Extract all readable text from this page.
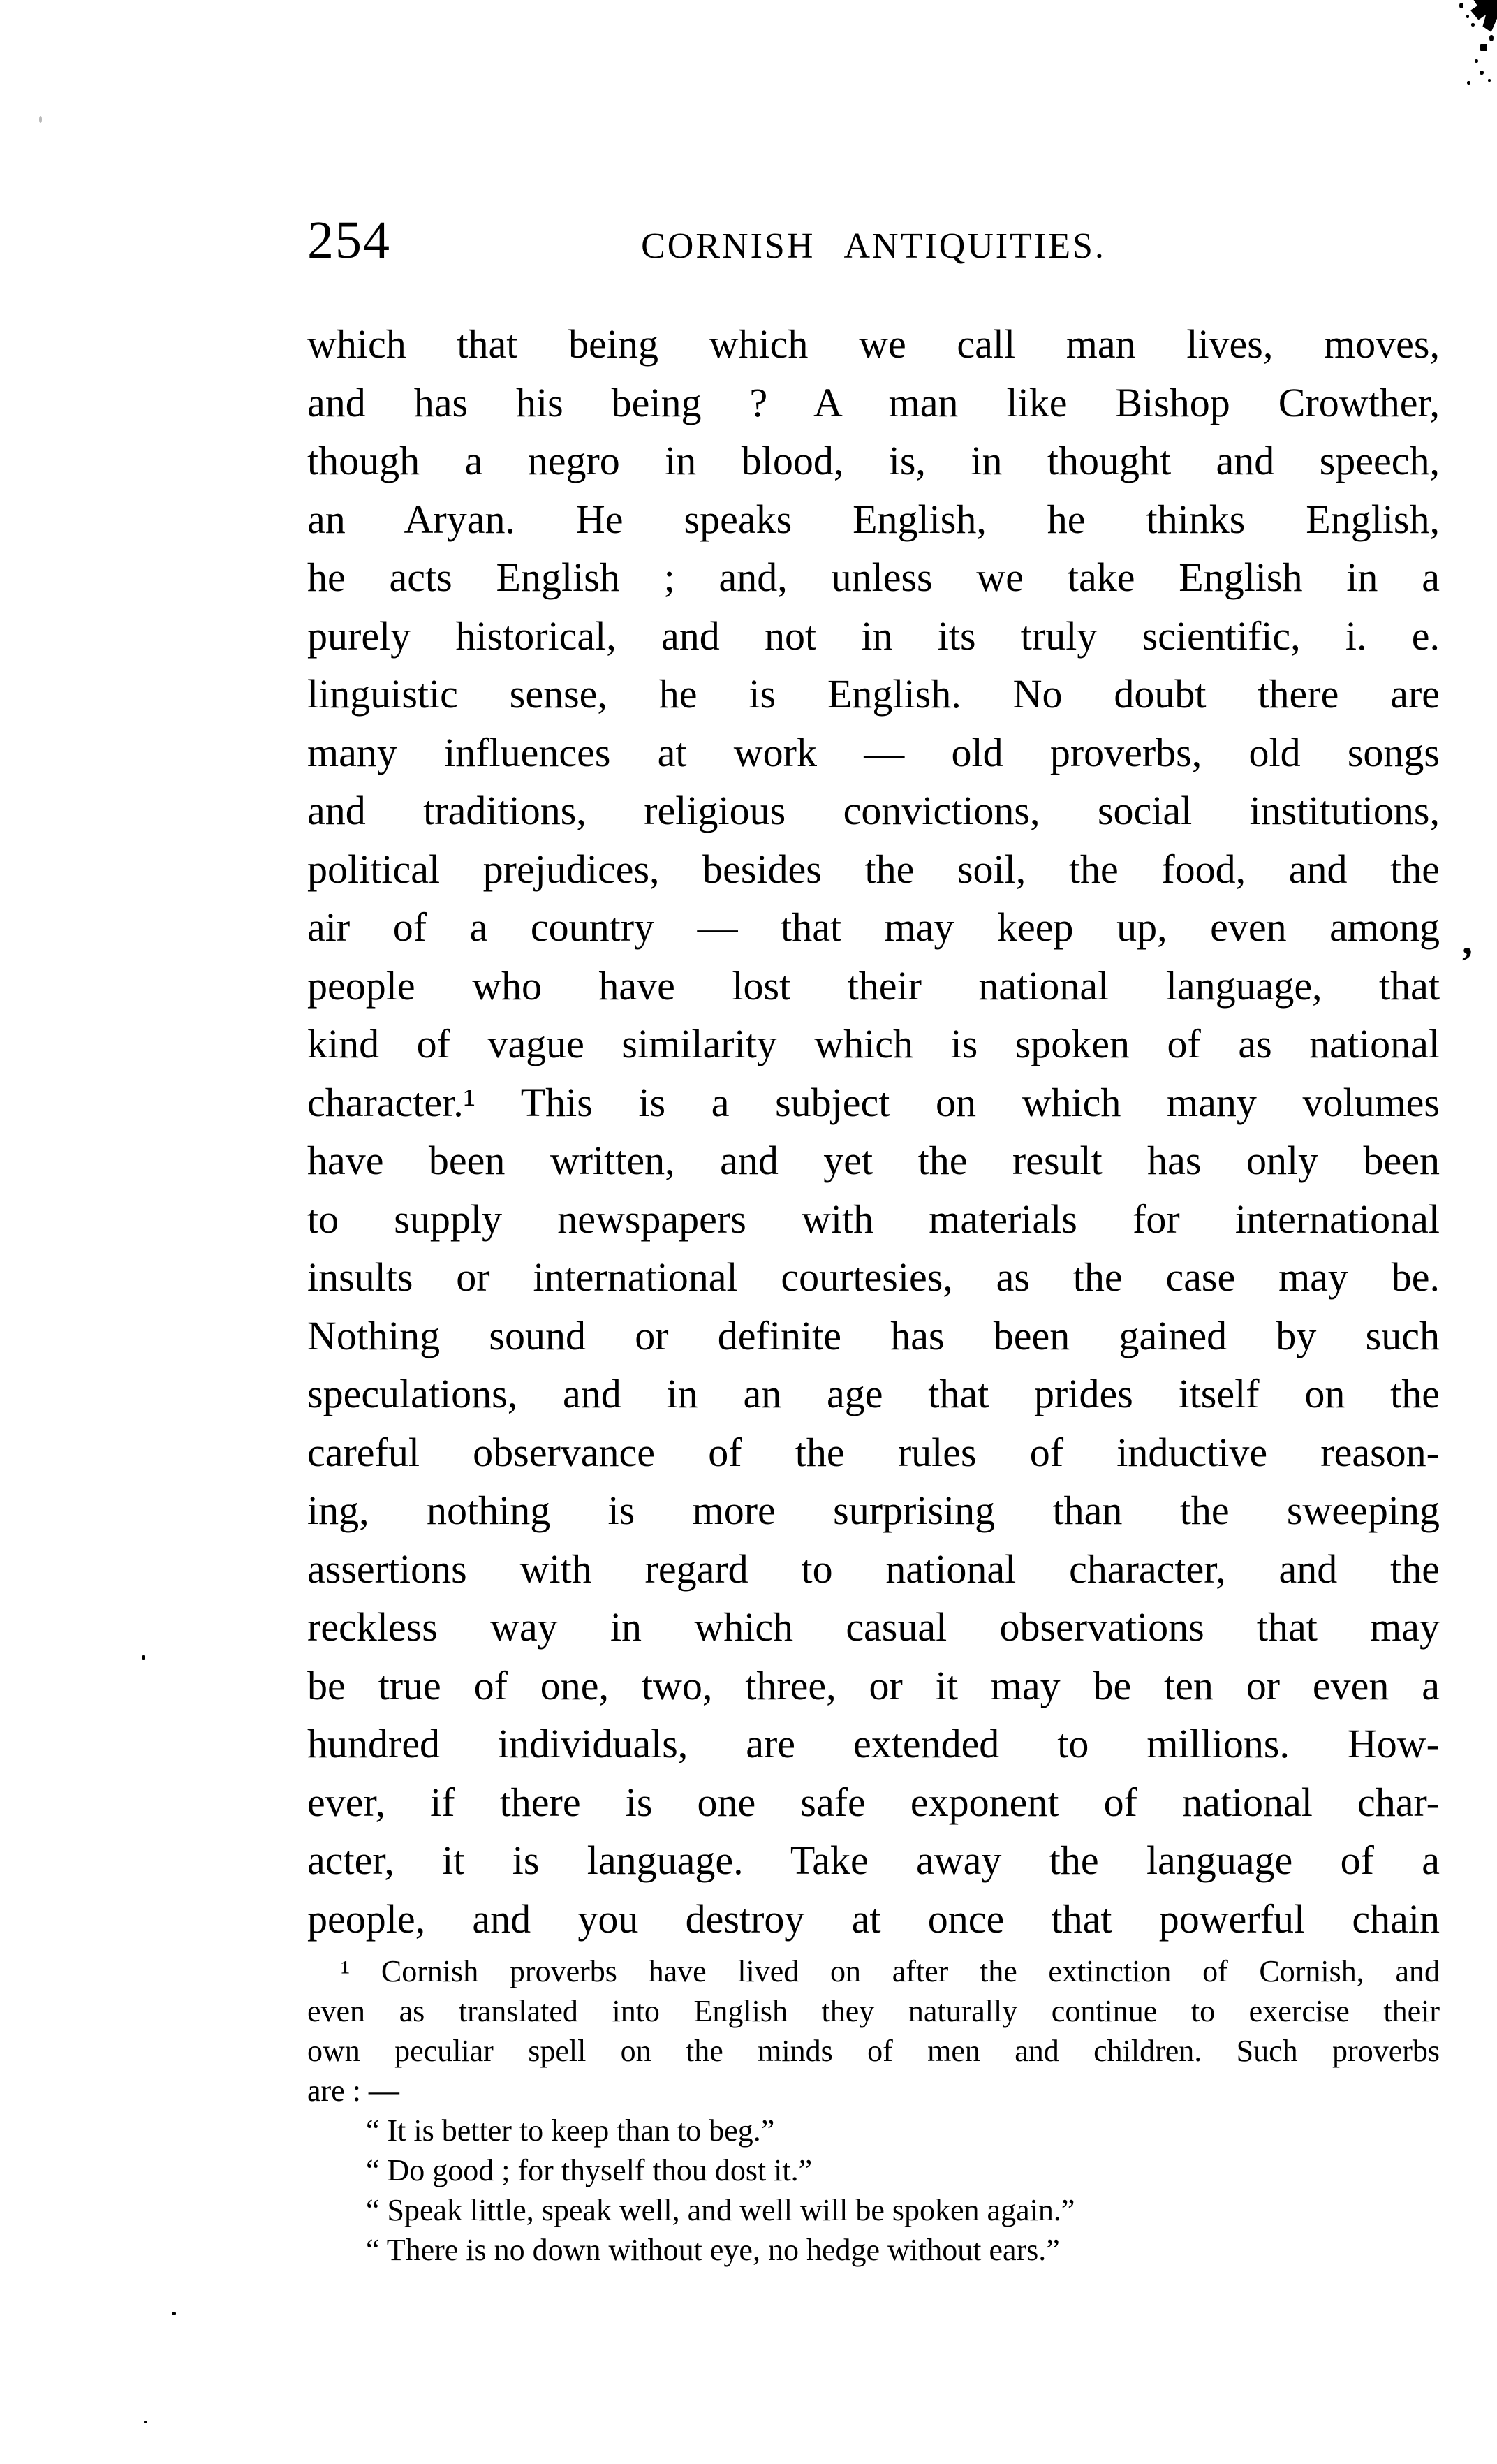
254	CORNISH ANTIQUITIES.
which that being which we call man lives, moves,
and has his being ? A man like Bishop Crowther,
though a negro in blood, is, in thought and speech,
an Aryan. He speaks English, he thinks English,
he acts English ; and, unless we take English in a
purely historical, and not in its truly scientific, i. e.
linguistic sense, he is English. No doubt there are
many influences at work — old proverbs, old songs
and traditions, religious convictions, social institutions,
political prejudices, besides the soil, the food, and the
air of a country — that may keep up, even among
people who have lost their national language, that
kind of vague similarity which is spoken of as national
character.¹ This is a subject on which many volumes
have been written, and yet the result has only been
to supply newspapers with materials for international
insults or international courtesies, as the case may be.
Nothing sound or definite has been gained by such
speculations, and in an age that prides itself on the
careful observance of the rules of inductive reason-
ing, nothing is more surprising than the sweeping
assertions with regard to national character, and the
reckless way in which casual observations that may
be true of one, two, three, or it may be ten or even a
hundred individuals, are extended to millions. How-
ever, if there is one safe exponent of national char-
acter, it is language. Take away the language of a
people, and you destroy at once that powerful chain
¹ Cornish proverbs have lived on after the extinction of Cornish, and
even as translated into English they naturally continue to exercise their
own peculiar spell on the minds of men and children. Such proverbs
are : —
“ It is better to keep than to beg.”
“ Do good ; for thyself thou dost it.”
“ Speak little, speak well, and well will be spoken again.”
“ There is no down without eye, no hedge without ears.”
,
